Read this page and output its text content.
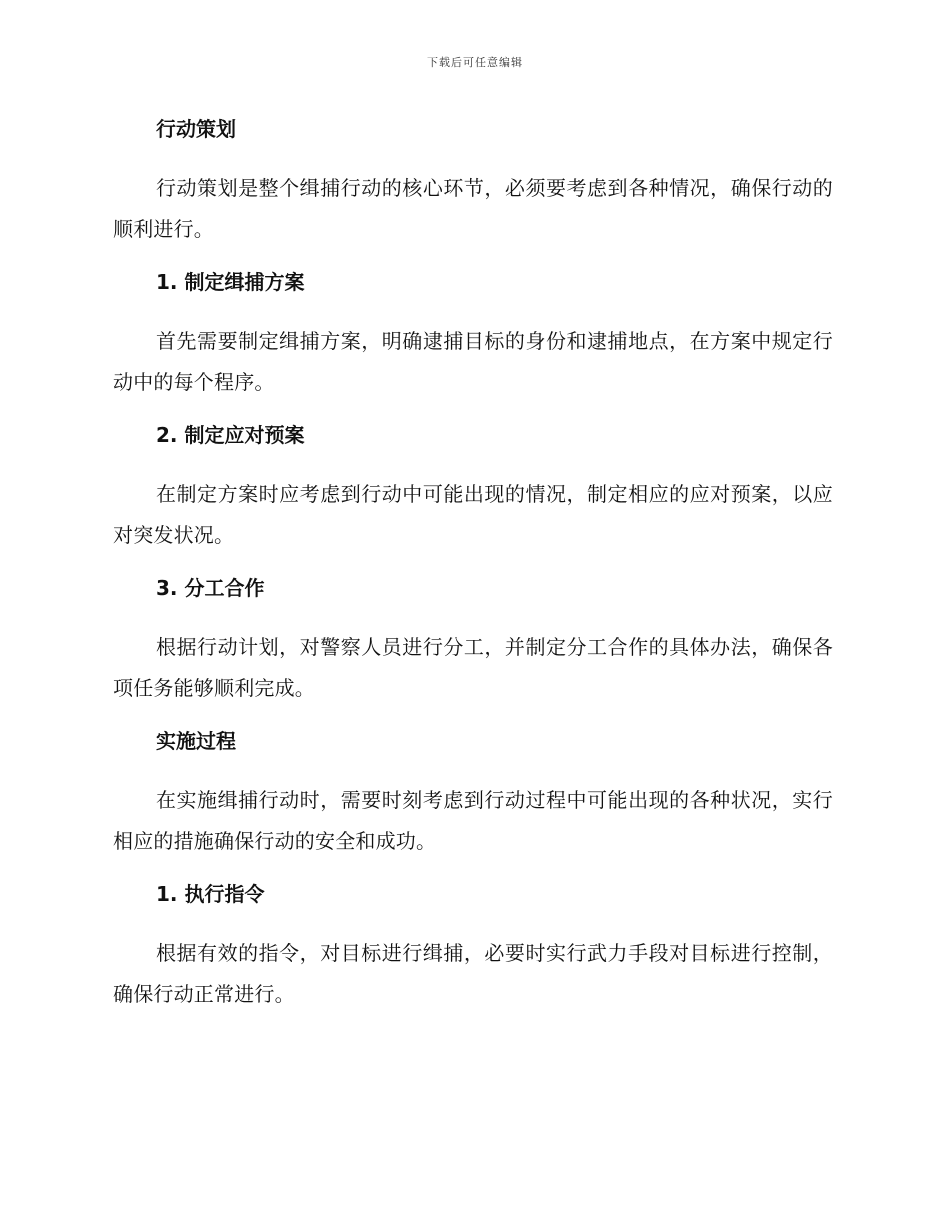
下载后可任意编辑
行动策划

行动策划是整个缉捕行动的核心环节，必须要考虑到各种情况，确保行动的顺利进行。

1. 制定缉捕方案

首先需要制定缉捕方案，明确逮捕目标的身份和逮捕地点，在方案中规定行动中的每个程序。

2. 制定应对预案

在制定方案时应考虑到行动中可能出现的情况，制定相应的应对预案，以应对突发状况。

3. 分工合作

根据行动计划，对警察人员进行分工，并制定分工合作的具体办法，确保各项任务能够顺利完成。

实施过程

在实施缉捕行动时，需要时刻考虑到行动过程中可能出现的各种状况，实行相应的措施确保行动的安全和成功。

1. 执行指令

根据有效的指令，对目标进行缉捕，必要时实行武力手段对目标进行控制，确保行动正常进行。
